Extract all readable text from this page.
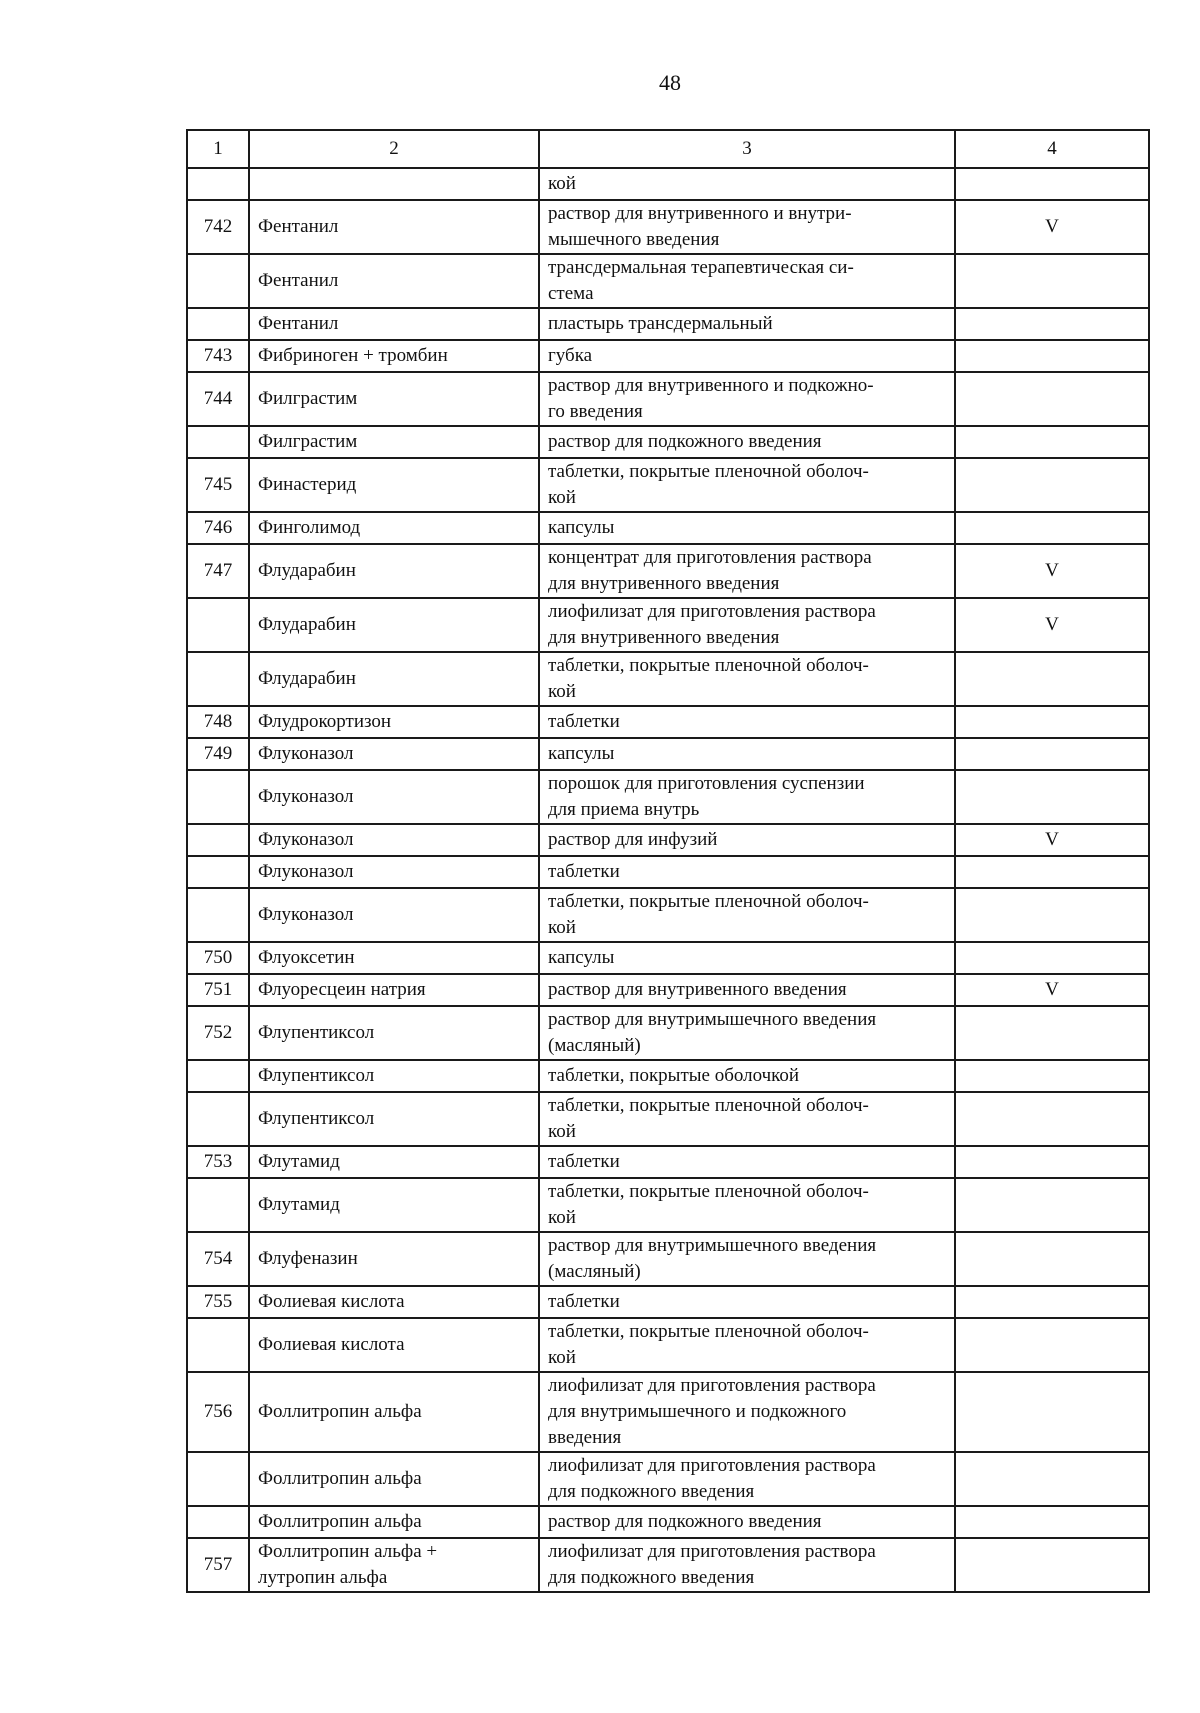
48
1	2	3	4
		кой	
742	Фентанил	раствор для внутривенного и внутри-
мышечного введения	V
	Фентанил	трансдермальная терапевтическая си-
стема	
	Фентанил	пластырь трансдермальный	
743	Фибриноген + тромбин	губка	
744	Филграстим	раствор для внутривенного и подкожно-
го введения	
	Филграстим	раствор для подкожного введения	
745	Финастерид	таблетки, покрытые пленочной оболоч-
кой	
746	Финголимод	капсулы	
747	Флударабин	концентрат для приготовления раствора
для внутривенного введения	V
	Флударабин	лиофилизат для приготовления раствора
для внутривенного введения	V
	Флударабин	таблетки, покрытые пленочной оболоч-
кой	
748	Флудрокортизон	таблетки	
749	Флуконазол	капсулы	
	Флуконазол	порошок для приготовления суспензии
для приема внутрь	
	Флуконазол	раствор для инфузий	V
	Флуконазол	таблетки	
	Флуконазол	таблетки, покрытые пленочной оболоч-
кой	
750	Флуоксетин	капсулы	
751	Флуоресцеин натрия	раствор для внутривенного введения	V
752	Флупентиксол	раствор для внутримышечного введения
(масляный)	
	Флупентиксол	таблетки, покрытые оболочкой	
	Флупентиксол	таблетки, покрытые пленочной оболоч-
кой	
753	Флутамид	таблетки	
	Флутамид	таблетки, покрытые пленочной оболоч-
кой	
754	Флуфеназин	раствор для внутримышечного введения
(масляный)	
755	Фолиевая кислота	таблетки	
	Фолиевая кислота	таблетки, покрытые пленочной оболоч-
кой	
756	Фоллитропин альфа	лиофилизат для приготовления раствора
для внутримышечного и подкожного
введения	
	Фоллитропин альфа	лиофилизат для приготовления раствора
для подкожного введения	
	Фоллитропин альфа	раствор для подкожного введения	
757	Фоллитропин альфа +
лутропин альфа	лиофилизат для приготовления раствора
для подкожного введения	
